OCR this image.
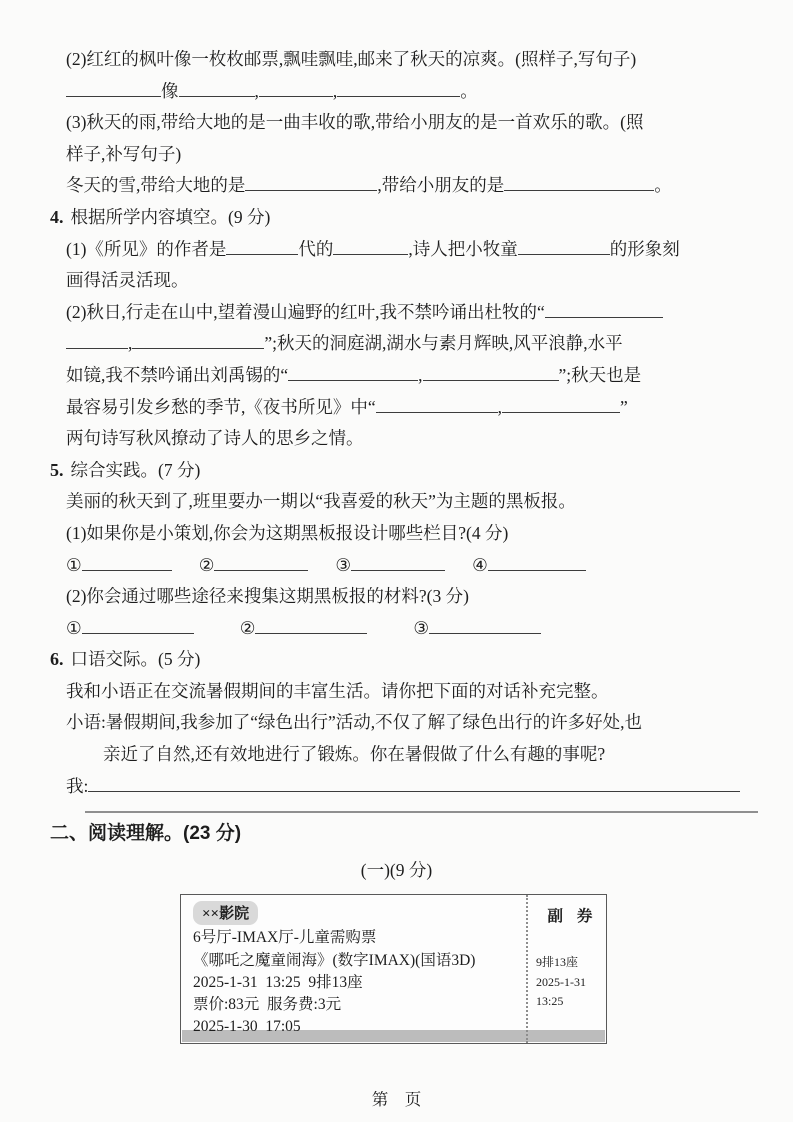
(2)红红的枫叶像一枚枚邮票,飘哇飘哇,邮来了秋天的凉爽。(照样子,写句子)
像	,	,	。
(3)秋天的雨,带给大地的是一曲丰收的歌,带给小朋友的是一首欢乐的歌。(照
样子,补写句子)
冬天的雪,带给大地的是	,带给小朋友的是	。
4. 根据所学内容填空。(9 分)
(1)《所见》的作者是	代的	,诗人把小牧童	的形象刻
画得活灵活现。
(2)秋日,行走在山中,望着漫山遍野的红叶,我不禁吟诵出杜牧的“
,	”;秋天的洞庭湖,湖水与素月辉映,风平浪静,水平
如镜,我不禁吟诵出刘禹锡的“	,	”;秋天也是
最容易引发乡愁的季节,《夜书所见》中“	,	”
两句诗写秋风撩动了诗人的思乡之情。
5. 综合实践。(7 分)
美丽的秋天到了,班里要办一期以“我喜爱的秋天”为主题的黑板报。
(1)如果你是小策划,你会为这期黑板报设计哪些栏目?(4 分)
①	②	③	④
(2)你会通过哪些途径来搜集这期黑板报的材料?(3 分)
①	②	③
6. 口语交际。(5 分)
我和小语正在交流暑假期间的丰富生活。请你把下面的对话补充完整。
小语:暑假期间,我参加了“绿色出行”活动,不仅了解了绿色出行的许多好处,也
亲近了自然,还有效地进行了锻炼。你在暑假做了什么有趣的事呢?
我:
二、阅读理解。(23 分)
(一)(9 分)
××影院
6号厅-IMAX厅-儿童需购票
《哪吒之魔童闹海》(数字IMAX)(国语3D)
2025-1-31  13:25  9排13座
票价:83元  服务费:3元
2025-1-30  17:05
副 券
9排13座
2025-1-31
13:25
第 页
